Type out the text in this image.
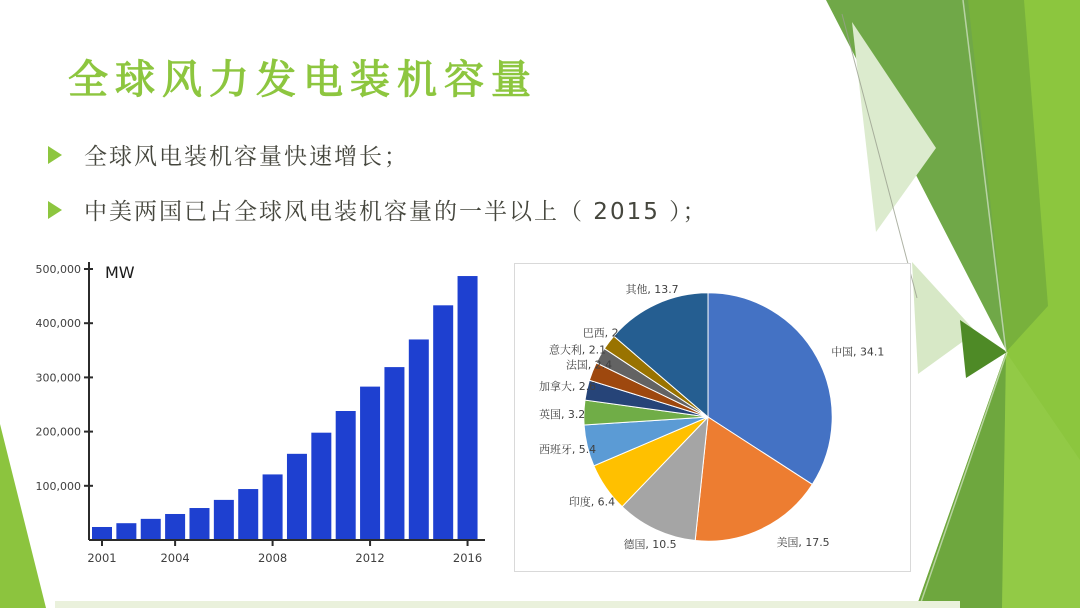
全球风力发电装机容量
全球风电装机容量快速增长；
中美两国已占全球风电装机容量的一半以上（ 2015 ）；
100,000
200,000
300,000
400,000
500,000 MW
2001	2004	2008	2012	2016
中国, 34.1
美国, 17.5
德国, 10.5
印度, 6.4
西班牙, 5.4
英国, 3.2
加拿大, 2.6
法国, 2.4
意大利, 2.1
巴西, 2
其他, 13.7
